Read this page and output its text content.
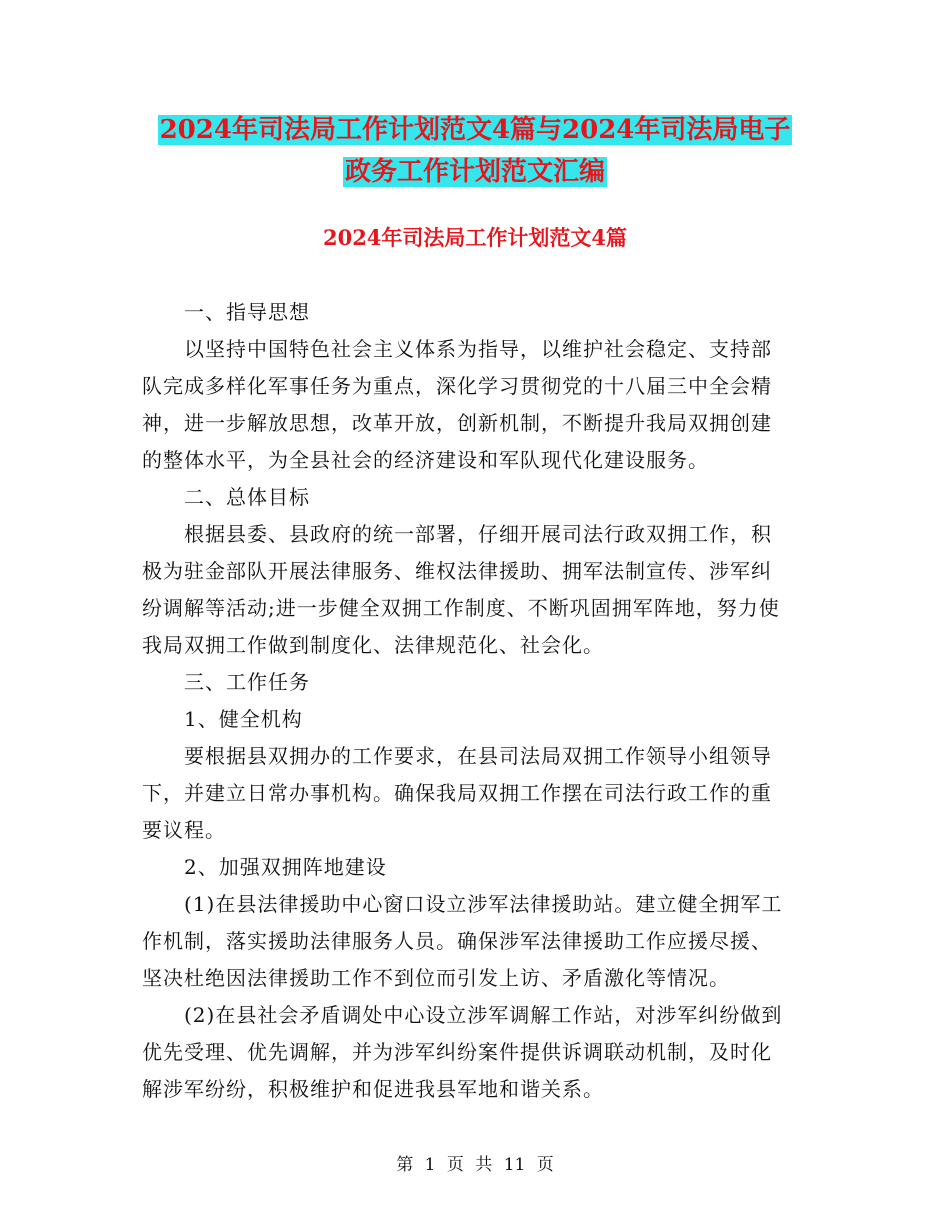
2024年司法局工作计划范文4篇与2024年司法局电子
政务工作计划范文汇编
2024年司法局工作计划范文4篇
　　一、指导思想
　　以坚持中国特色社会主义体系为指导，以维护社会稳定、支持部
队完成多样化军事任务为重点，深化学习贯彻党的十八届三中全会精
神，进一步解放思想，改革开放，创新机制，不断提升我局双拥创建
的整体水平，为全县社会的经济建设和军队现代化建设服务。
　　二、总体目标
　　根据县委、县政府的统一部署，仔细开展司法行政双拥工作，积
极为驻金部队开展法律服务、维权法律援助、拥军法制宣传、涉军纠
纷调解等活动;进一步健全双拥工作制度、不断巩固拥军阵地，努力使
我局双拥工作做到制度化、法律规范化、社会化。
　　三、工作任务
　　1、健全机构
　　要根据县双拥办的工作要求，在县司法局双拥工作领导小组领导
下，并建立日常办事机构。确保我局双拥工作摆在司法行政工作的重
要议程。
　　2、加强双拥阵地建设
　　(1)在县法律援助中心窗口设立涉军法律援助站。建立健全拥军工
作机制，落实援助法律服务人员。确保涉军法律援助工作应援尽援、
坚决杜绝因法律援助工作不到位而引发上访、矛盾激化等情况。
　　(2)在县社会矛盾调处中心设立涉军调解工作站，对涉军纠纷做到
优先受理、优先调解，并为涉军纠纷案件提供诉调联动机制，及时化
解涉军纷纷，积极维护和促进我县军地和谐关系。
第 1 页 共 11 页
